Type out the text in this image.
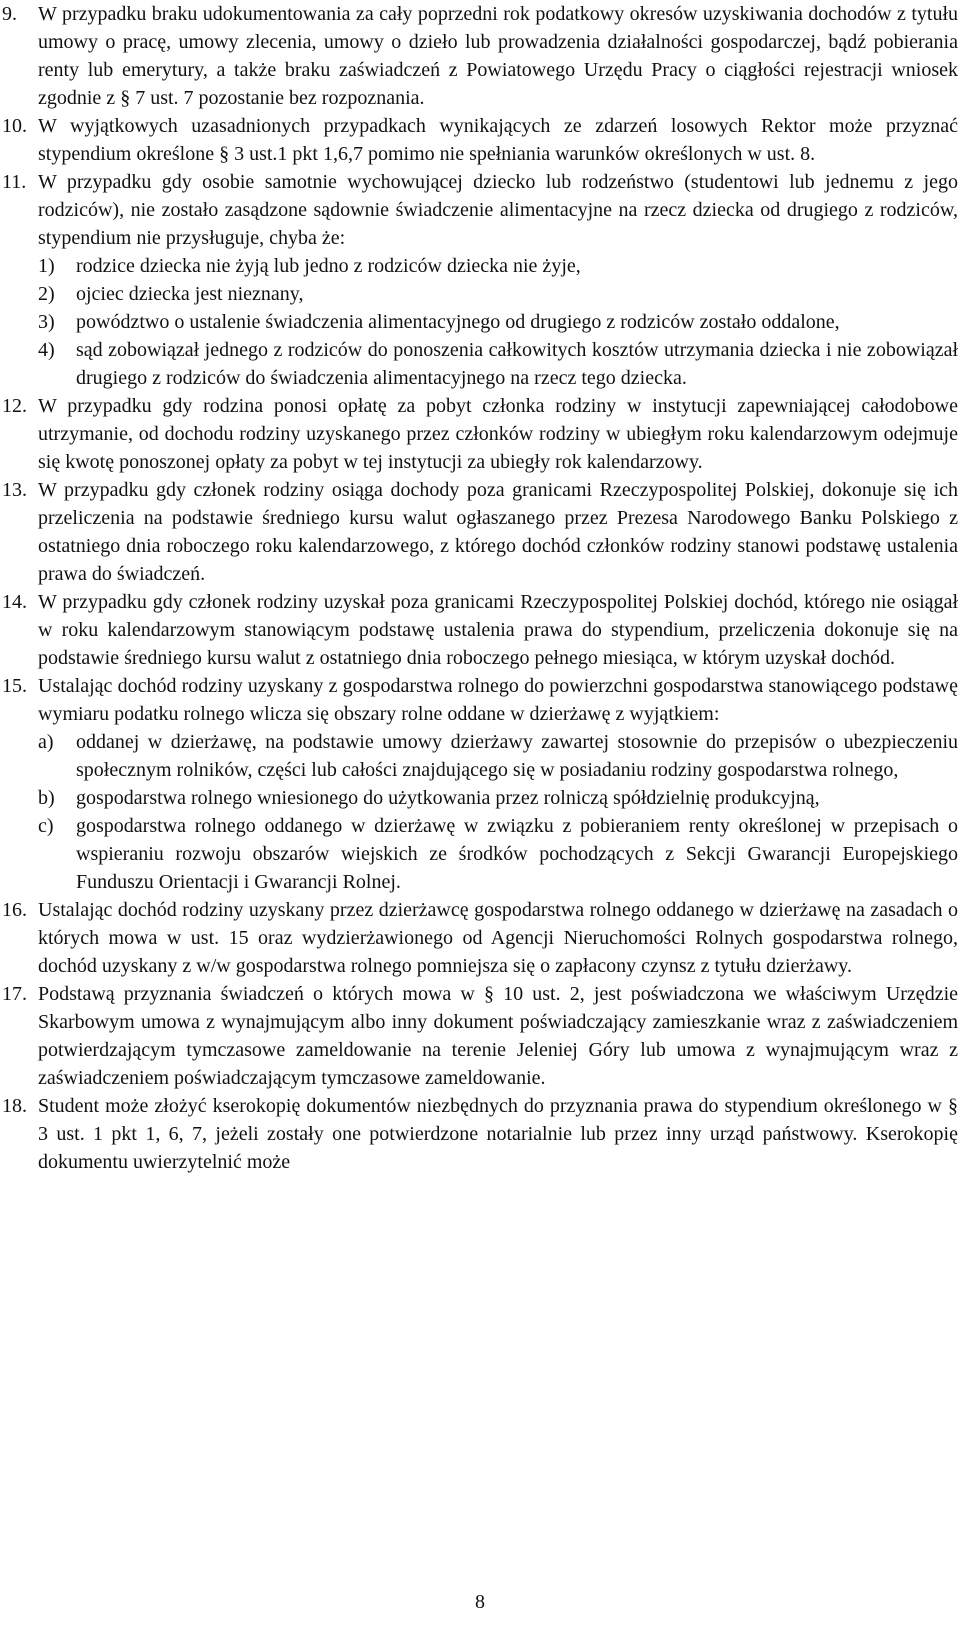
9. W przypadku braku udokumentowania za cały poprzedni rok podatkowy okresów uzyskiwania dochodów z tytułu umowy o pracę, umowy zlecenia, umowy o dzieło lub prowadzenia działalności gospodarczej, bądź pobierania renty lub emerytury, a także braku zaświadczeń z Powiatowego Urzędu Pracy o ciągłości rejestracji wniosek zgodnie z § 7 ust. 7 pozostanie bez rozpoznania.
10. W wyjątkowych uzasadnionych przypadkach wynikających ze zdarzeń losowych Rektor może przyznać stypendium określone § 3 ust.1 pkt 1,6,7 pomimo nie spełniania warunków określonych w ust. 8.
11. W przypadku gdy osobie samotnie wychowującej dziecko lub rodzeństwo (studentowi lub jednemu z jego rodziców), nie zostało zasądzone sądownie świadczenie alimentacyjne na rzecz dziecka od drugiego z rodziców, stypendium nie przysługuje, chyba że:
1) rodzice dziecka nie żyją lub jedno z rodziców dziecka nie żyje,
2) ojciec dziecka jest nieznany,
3) powództwo o ustalenie świadczenia alimentacyjnego od drugiego z rodziców zostało oddalone,
4) sąd zobowiązał jednego z rodziców do ponoszenia całkowitych kosztów utrzymania dziecka i nie zobowiązał drugiego z rodziców do świadczenia alimentacyjnego na rzecz tego dziecka.
12. W przypadku gdy rodzina ponosi opłatę za pobyt członka rodziny w instytucji zapewniającej całodobowe utrzymanie, od dochodu rodziny uzyskanego przez członków rodziny w ubiegłym roku kalendarzowym odejmuje się kwotę ponoszonej opłaty za pobyt w tej instytucji za ubiegły rok kalendarzowy.
13. W przypadku gdy członek rodziny osiąga dochody poza granicami Rzeczypospolitej Polskiej, dokonuje się ich przeliczenia na podstawie średniego kursu walut ogłaszanego przez Prezesa Narodowego Banku Polskiego z ostatniego dnia roboczego roku kalendarzowego, z którego dochód członków rodziny stanowi podstawę ustalenia prawa do świadczeń.
14. W przypadku gdy członek rodziny uzyskał poza granicami Rzeczypospolitej Polskiej dochód, którego nie osiągał w roku kalendarzowym stanowiącym podstawę ustalenia prawa do stypendium, przeliczenia dokonuje się na podstawie średniego kursu walut z ostatniego dnia roboczego pełnego miesiąca, w którym uzyskał dochód.
15. Ustalając dochód rodziny uzyskany z gospodarstwa rolnego do powierzchni gospodarstwa stanowiącego podstawę wymiaru podatku rolnego wlicza się obszary rolne oddane w dzierżawę z wyjątkiem:
a) oddanej w dzierżawę, na podstawie umowy dzierżawy zawartej stosownie do przepisów o ubezpieczeniu społecznym rolników, części lub całości znajdującego się w posiadaniu rodziny gospodarstwa rolnego,
b) gospodarstwa rolnego wniesionego do użytkowania przez rolniczą spółdzielnię produkcyjną,
c) gospodarstwa rolnego oddanego w dzierżawę w związku z pobieraniem renty określonej w przepisach o wspieraniu rozwoju obszarów wiejskich ze środków pochodzących z Sekcji Gwarancji Europejskiego Funduszu Orientacji i Gwarancji Rolnej.
16. Ustalając dochód rodziny uzyskany przez dzierżawcę gospodarstwa rolnego oddanego w dzierżawę na zasadach o których mowa w ust. 15 oraz wydzierżawionego od Agencji Nieruchomości Rolnych gospodarstwa rolnego, dochód uzyskany z w/w gospodarstwa rolnego pomniejsza się o zapłacony czynsz z tytułu dzierżawy.
17. Podstawą przyznania świadczeń o których mowa w § 10 ust. 2, jest poświadczona we właściwym Urzędzie Skarbowym umowa z wynajmującym albo inny dokument poświadczający zamieszkanie wraz z zaświadczeniem potwierdzającym tymczasowe zameldowanie na terenie Jeleniej Góry lub umowa z wynajmującym wraz z zaświadczeniem poświadczającym tymczasowe zameldowanie.
18. Student może złożyć kserokopię dokumentów niezbędnych do przyznania prawa do stypendium określonego w § 3 ust. 1 pkt 1, 6, 7, jeżeli zostały one potwierdzone notarialnie lub przez inny urząd państwowy. Kserokopię dokumentu uwierzytelnić może
8
